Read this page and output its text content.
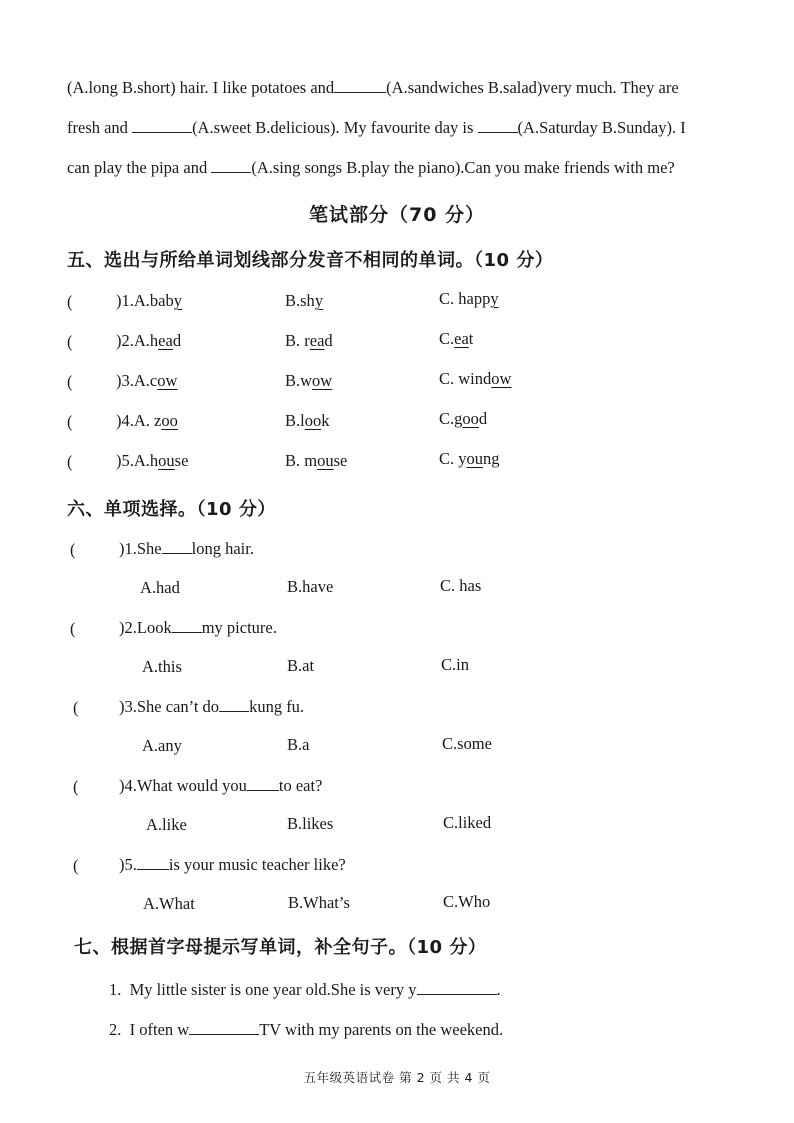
(A.long B.short) hair. I like potatoes and	(A.sandwiches B.salad)very much. They are
fresh and	(A.sweet B.delicious). My favourite day is	(A.Saturday B.Sunday). I
can play the pipa and	(A.sing songs B.play the piano).Can you make friends with me?
笔试部分（70 分）
五、选出与所给单词划线部分发音不相同的单词。（10 分）
(	)1.A.baby	B.shy	C. happy
(	)2.A.head	B. read	C.eat
(	)3.A.cow	B.wow	C. window
(	)4.A. zoo	B.look	C.good
(	)5.A.house	B. mouse	C. young
六、单项选择。（10 分）
(	)1.She long hair.
A.had	B.have	C. has
(	)2.Look my picture.
A.this	B.at	C.in
( )3.She can’t do kung fu.
A.any	B.a	C.some
( )4.What would you to eat?
A.like	B.likes	C.liked
( )5. is your music teacher like?
A.What	B.What’s	C.Who
七、根据首字母提示写单词，补全句子。（10 分）
1. My little sister is one year old.She is very y	.
2. I often w	TV with my parents on the weekend.
五年级英语试卷 第 2 页 共 4 页
